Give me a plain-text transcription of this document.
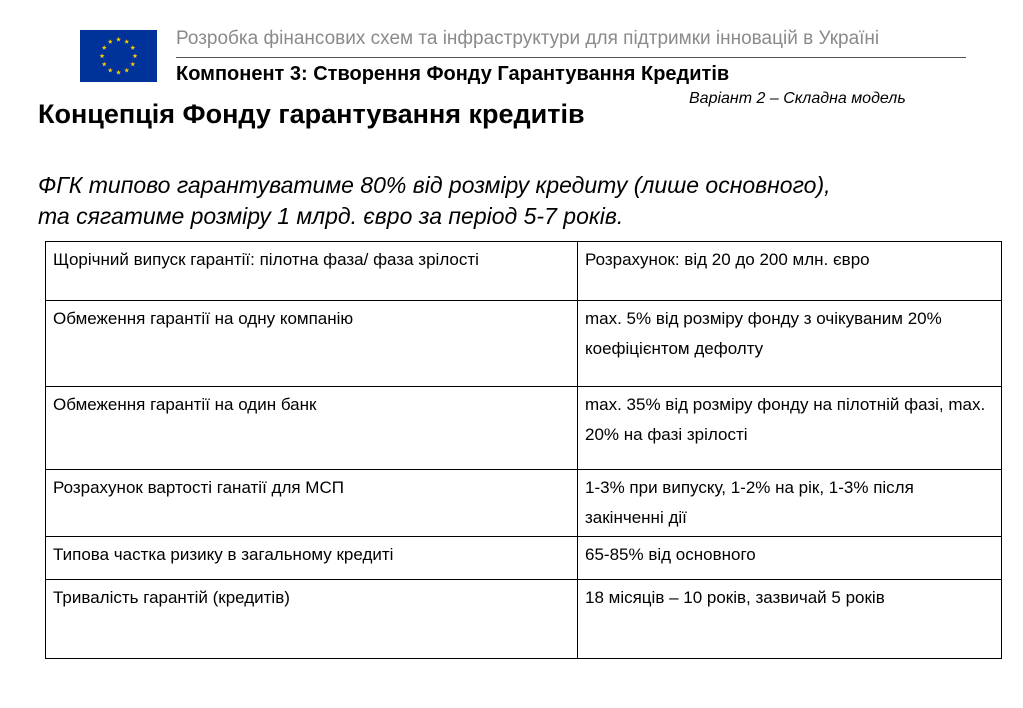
Розробка фінансових схем та інфраструктури для підтримки інновацій в Україні
Компонент 3: Створення Фонду Гарантування Кредитів
Варіант 2 – Складна модель
Концепція Фонду гарантування кредитів
ФГК типово гарантуватиме 80% від розміру кредиту (лише основного),
та сягатиме розміру 1 млрд. євро за період 5-7 років.
Щорічний випуск гарантії: пілотна фаза/ фаза зрілості	Розрахунок: від 20 до 200 млн. євро
Обмеження гарантії на одну компанію	max. 5% від розміру фонду з очікуваним 20% коефіцієнтом дефолту
Обмеження гарантії на один банк	max. 35% від розміру фонду на пілотній фазі, max. 20% на фазі зрілості
Розрахунок вартості ганатії для МСП	1-3% при випуску, 1-2% на рік, 1-3% після закінченні дії
Типова частка ризику в загальному кредиті	65-85% від основного
Тривалість гарантій (кредитів)	18 місяців – 10 років, зазвичай 5 років
